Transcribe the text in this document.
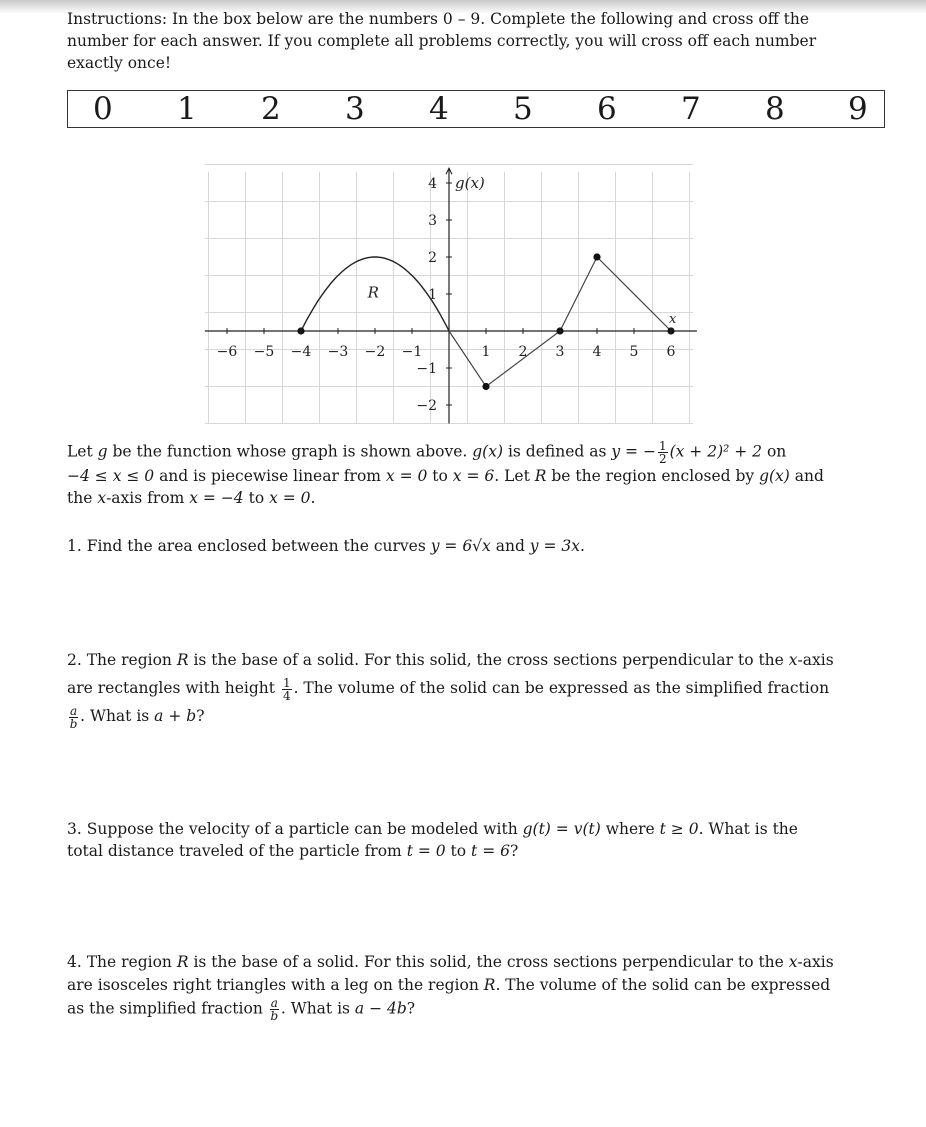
Instructions: In the box below are the numbers 0 – 9. Complete the following and cross off the
number for each answer. If you complete all problems correctly, you will cross off each number
exactly once!
0 1 2 3 4 5 6 7 8 9
−6 −5 −4 −3 −2 −1	1 2 3 4 5 6
4
3
2
1
−1
−2
g(x)
x
R
Let g be the function whose graph is shown above. g(x) is defined as y = − $\frac{1}{2} (x + 2)^2 + 2$ on
−4 ≤ x ≤ 0 and is piecewise linear from x = 0 to x = 6. Let R be the region enclosed by g(x) and
the x-axis from x = −4 to x = 0.
1. Find the area enclosed between the curves y = 6√x and y = 3x.
2. The region R is the base of a solid. For this solid, the cross sections perpendicular to the x-axis
are rectangles with height $\frac{1}{4}$ . The volume of the solid can be expressed as the simplified fraction
$\frac{a}{b}$ . What is a + b?
3. Suppose the velocity of a particle can be modeled with g(t) = v(t) where t ≥ 0. What is the
total distance traveled of the particle from t = 0 to t = 6?
4. The region R is the base of a solid. For this solid, the cross sections perpendicular to the x-axis
are isosceles right triangles with a leg on the region R. The volume of the solid can be expressed
as the simplified fraction $\frac{a}{b}$ . What is a − 4b?
